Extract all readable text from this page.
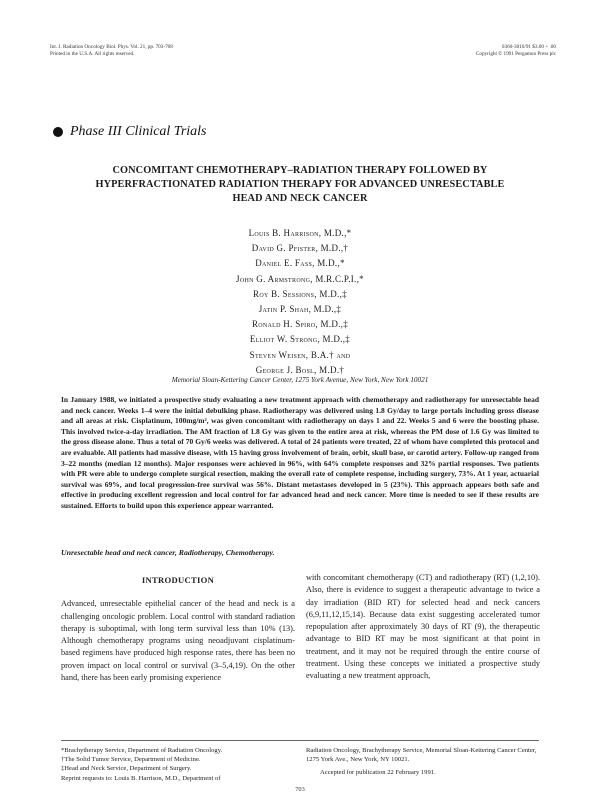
Int. J. Radiation Oncology Biol. Phys. Vol. 21, pp. 703-708
Printed in the U.S.A. All rights reserved.
0360-3016/91 $3.00 + .00
Copyright © 1991 Pergamon Press plc
Phase III Clinical Trials
CONCOMITANT CHEMOTHERAPY–RADIATION THERAPY FOLLOWED BY HYPERFRACTIONATED RADIATION THERAPY FOR ADVANCED UNRESECTABLE HEAD AND NECK CANCER
Louis B. Harrison, M.D.,*
David G. Pfister, M.D.,†
Daniel E. Fass, M.D.,*
John G. Armstrong, M.R.C.P.I.,*
Roy B. Sessions, M.D.,‡
Jatin P. Shah, M.D.,‡
Ronald H. Spiro, M.D.,‡
Elliot W. Strong, M.D.,‡
Steven Weisen, B.A.† and
George J. Bosl, M.D.†
Memorial Sloan-Kettering Cancer Center, 1275 York Avenue, New York, New York 10021
In January 1988, we initiated a prospective study evaluating a new treatment approach with chemotherapy and radiotherapy for unresectable head and neck cancer. Weeks 1–4 were the initial debulking phase. Radiotherapy was delivered using 1.8 Gy/day to large portals including gross disease and all areas at risk. Cisplatinum, 100mg/m², was given concomitant with radiotherapy on days 1 and 22. Weeks 5 and 6 were the boosting phase. This involved twice-a-day irradiation. The AM fraction of 1.8 Gy was given to the entire area at risk, whereas the PM dose of 1.6 Gy was limited to the gross disease alone. Thus a total of 70 Gy/6 weeks was delivered. A total of 24 patients were treated, 22 of whom have completed this protocol and are evaluable. All patients had massive disease, with 15 having gross involvement of brain, orbit, skull base, or carotid artery. Follow-up ranged from 3–22 months (median 12 months). Major responses were achieved in 96%, with 64% complete responses and 32% partial responses. Two patients with PR were able to undergo complete surgical resection, making the overall rate of complete response, including surgery, 73%. At 1 year, actuarial survival was 69%, and local progression-free survival was 56%. Distant metastases developed in 5 (23%). This approach appears both safe and effective in producing excellent regression and local control for far advanced head and neck cancer. More time is needed to see if these results are sustained. Efforts to build upon this experience appear warranted.
Unresectable head and neck cancer, Radiotherapy, Chemotherapy.
INTRODUCTION

Advanced, unresectable epithelial cancer of the head and neck is a challenging oncologic problem. Local control with standard radiation therapy is suboptimal, with long term survival less than 10% (13). Although chemotherapy programs using neoadjuvant cisplatinum-based regimens have produced high response rates, there has been no proven impact on local control or survival (3–5,4,19). On the other hand, there has been early promising experience

with concomitant chemotherapy (CT) and radiotherapy (RT) (1,2,10). Also, there is evidence to suggest a therapeutic advantage to twice a day irradiation (BID RT) for selected head and neck cancers (6,9,11,12,15,14). Because data exist suggesting accelerated tumor repopulation after approximately 30 days of RT (9), the therapeutic advantage to BID RT may be most significant at that point in treatment, and it may not be required through the entire course of treatment. Using these concepts we initiated a prospective study evaluating a new treatment approach,

*Brachytherapy Service, Department of Radiation Oncology.
†The Solid Tumor Service, Department of Medicine.
‡Head and Neck Service, Department of Surgery.
Reprint requests to: Louis B. Harrison, M.D., Department of
Radiation Oncology, Brachytherapy Service, Memorial Sloan-Kettering Cancer Center, 1275 York Ave., New York, NY 10021.
Accepted for publication 22 February 1991.
703
